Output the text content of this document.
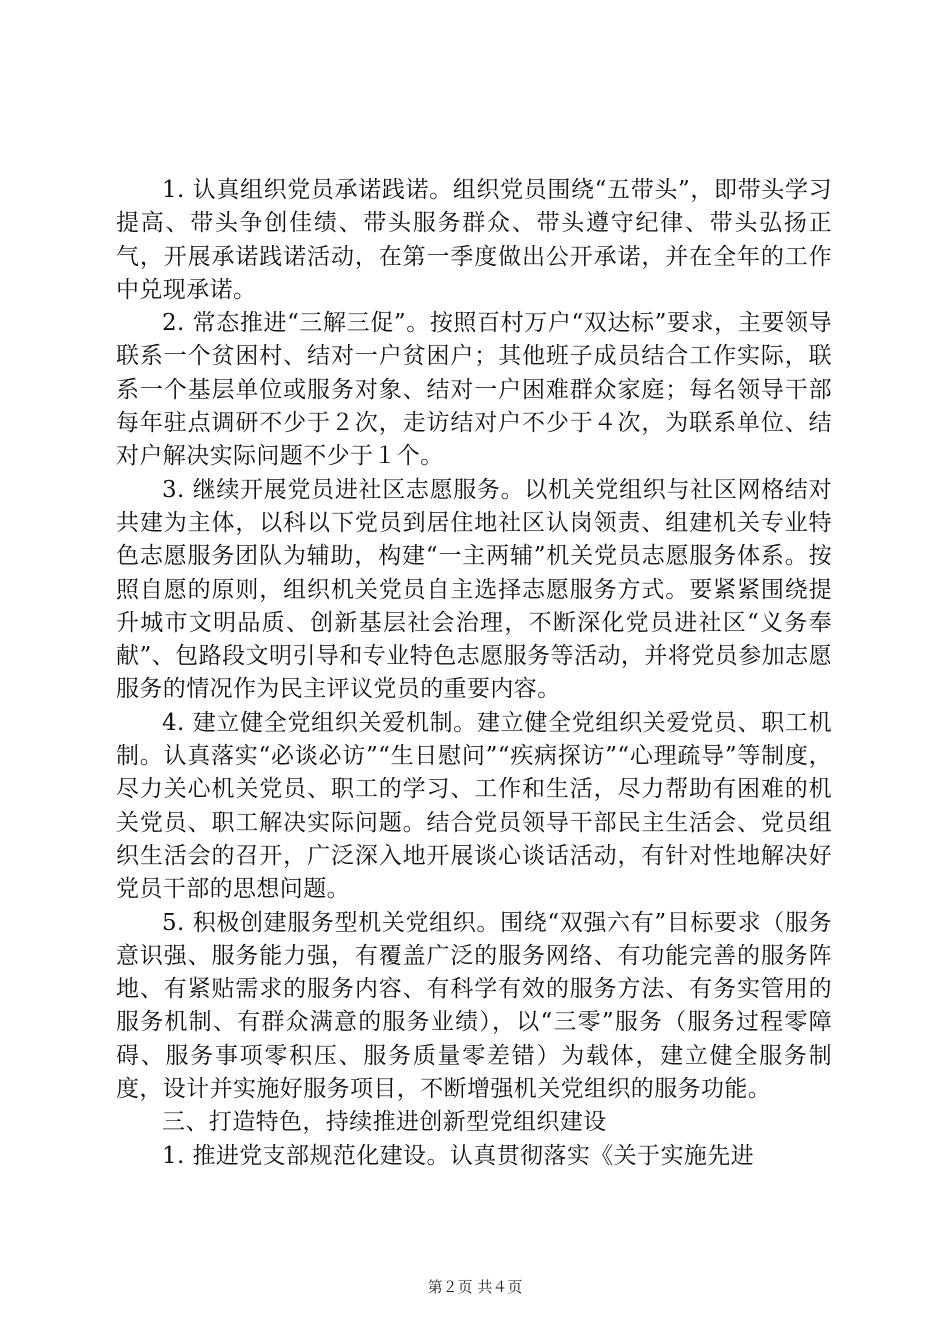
1. 认真组织党员承诺践诺。组织党员围绕“五带头”，即带头学习提高、带头争创佳绩、带头服务群众、带头遵守纪律、带头弘扬正气，开展承诺践诺活动，在第一季度做出公开承诺，并在全年的工作中兑现承诺。

2. 常态推进“三解三促”。按照百村万户“双达标”要求，主要领导联系一个贫困村、结对一户贫困户；其他班子成员结合工作实际，联系一个基层单位或服务对象、结对一户困难群众家庭；每名领导干部每年驻点调研不少于２次，走访结对户不少于４次，为联系单位、结对户解决实际问题不少于１个。

3. 继续开展党员进社区志愿服务。以机关党组织与社区网格结对共建为主体，以科以下党员到居住地社区认岗领责、组建机关专业特色志愿服务团队为辅助，构建“一主两辅”机关党员志愿服务体系。按照自愿的原则，组织机关党员自主选择志愿服务方式。要紧紧围绕提升城市文明品质、创新基层社会治理，不断深化党员进社区“义务奉献”、包路段文明引导和专业特色志愿服务等活动，并将党员参加志愿服务的情况作为民主评议党员的重要内容。

4. 建立健全党组织关爱机制。建立健全党组织关爱党员、职工机制。认真落实“必谈必访”“生日慰问”“疾病探访”“心理疏导”等制度，尽力关心机关党员、职工的学习、工作和生活，尽力帮助有困难的机关党员、职工解决实际问题。结合党员领导干部民主生活会、党员组织生活会的召开，广泛深入地开展谈心谈话活动，有针对性地解决好党员干部的思想问题。

5. 积极创建服务型机关党组织。围绕“双强六有”目标要求（服务意识强、服务能力强，有覆盖广泛的服务网络、有功能完善的服务阵地、有紧贴需求的服务内容、有科学有效的服务方法、有务实管用的服务机制、有群众满意的服务业绩），以“三零”服务（服务过程零障碍、服务事项零积压、服务质量零差错）为载体，建立健全服务制度，设计并实施好服务项目，不断增强机关党组织的服务功能。

三、打造特色，持续推进创新型党组织建设

1. 推进党支部规范化建设。认真贯彻落实《关于实施先进

第２页 共４页
